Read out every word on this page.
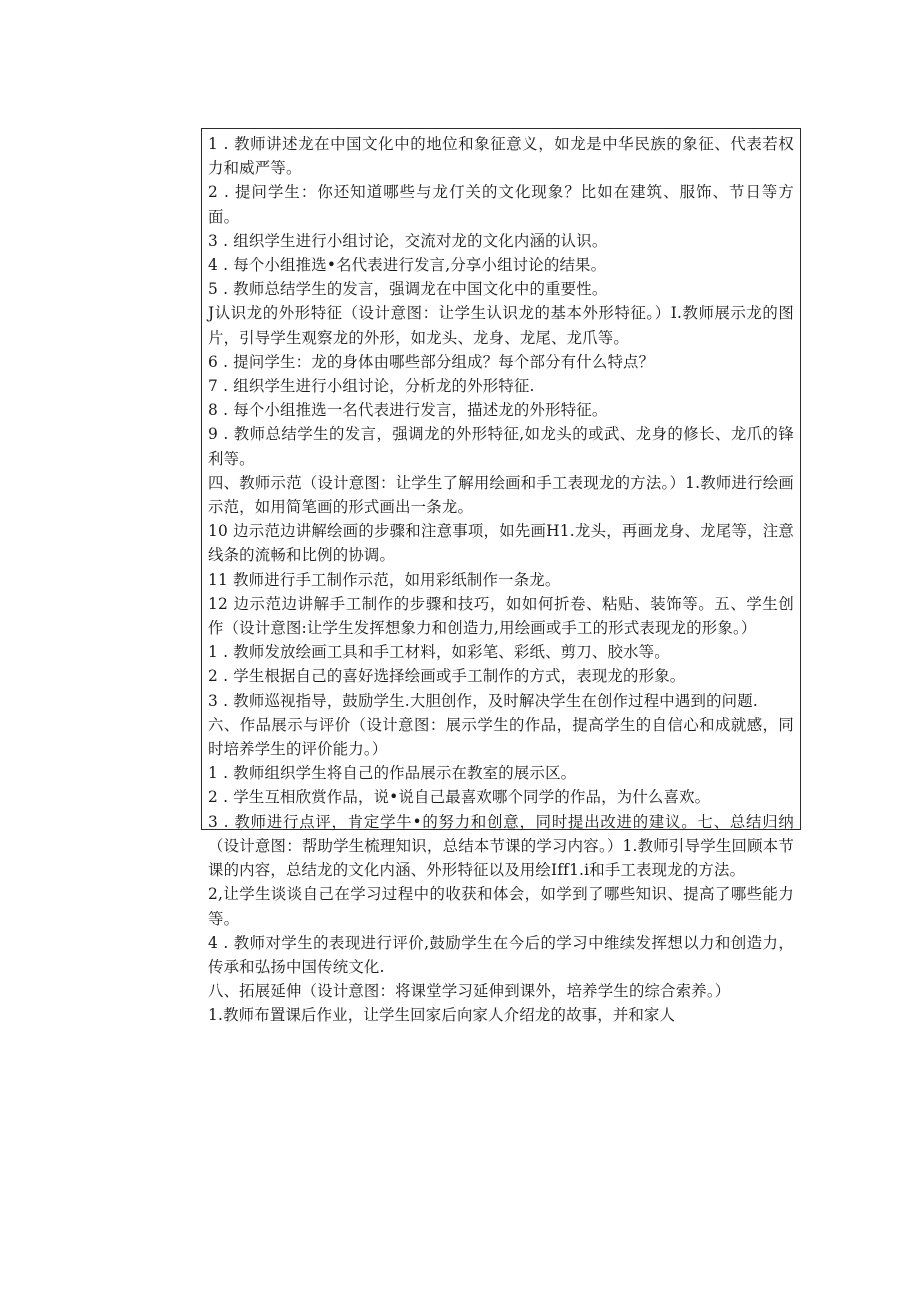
1 . 教师讲述龙在中国文化中的地位和象征意义，如龙是中华民族的象征、代表若权力和威严等。

2 . 提问学生：你还知道哪些与龙仃关的文化现象？比如在建筑、服饰、节日等方面。

3 . 组织学生进行小组讨论，交流对龙的文化内涵的认识。

4 . 每个小组推选•名代表进行发言,分享小组讨论的结果。

5 . 教师总结学生的发言，强调龙在中国文化中的重要性。

J认识龙的外形特征（设计意图：让学生认识龙的基本外形特征。）I.教师展示龙的图片，引导学生观察龙的外形，如龙头、龙身、龙尾、龙爪等。

6 . 提问学生：龙的身体由哪些部分组成？每个部分有什么特点？

7 . 组织学生进行小组讨论，分析龙的外形特征.

8 . 每个小组推选一名代表进行发言，描述龙的外形特征。

9 . 教师总结学生的发言，强调龙的外形特征,如龙头的或武、龙身的修长、龙爪的锋利等。

四、教师示范（设计意图：让学生了解用绘画和手工表现龙的方法。）1.教师进行绘画示范，如用简笔画的形式画出一条龙。

10 边示范边讲解绘画的步骤和注意事项，如先画H1.龙头，再画龙身、龙尾等，注意线条的流畅和比例的协调。

11 教师进行手工制作示范，如用彩纸制作一条龙。

12 边示范边讲解手工制作的步骤和技巧，如如何折卷、粘贴、装饰等。五、学生创作（设计意图:让学生发挥想象力和创造力,用绘画或手工的形式表现龙的形象。）

1 . 教师发放绘画工具和手工材料，如彩笔、彩纸、剪刀、胶水等。

2 . 学生根据自己的喜好选择绘画或手工制作的方式，表现龙的形象。

3 . 教师巡视指导，鼓励学生.大胆创作，及时解决学生在创作过程中遇到的问题.

六、作品展示与评价（设计意图：展示学生的作品，提高学生的自信心和成就感，同时培养学生的评价能力。）

1 . 教师组织学生将自己的作品展示在教室的展示区。

2 . 学生互相欣赏作品，说•说自己最喜欢哪个同学的作品，为什么喜欢。

3 . 教师进行点评，肯定学牛•的努力和创意，同时提出改进的建议。七、总结归纳（设计意图：帮助学生梳理知识，总结本节课的学习内容。）1.教师引导学生回顾本节课的内容，总结龙的文化内涵、外形特征以及用绘Iff1.i和手工表现龙的方法。

2,让学生谈谈自己在学习过程中的收获和体会，如学到了哪些知识、提高了哪些能力等。

4 . 教师对学生的表现进行评价,鼓励学生在今后的学习中维续发挥想以力和创造力，传承和弘扬中国传统文化.

八、拓展延伸（设计意图：将课堂学习延伸到课外，培养学生的综合索养。）

1.教师布置课后作业，让学生回家后向家人介绍龙的故事，并和家人
